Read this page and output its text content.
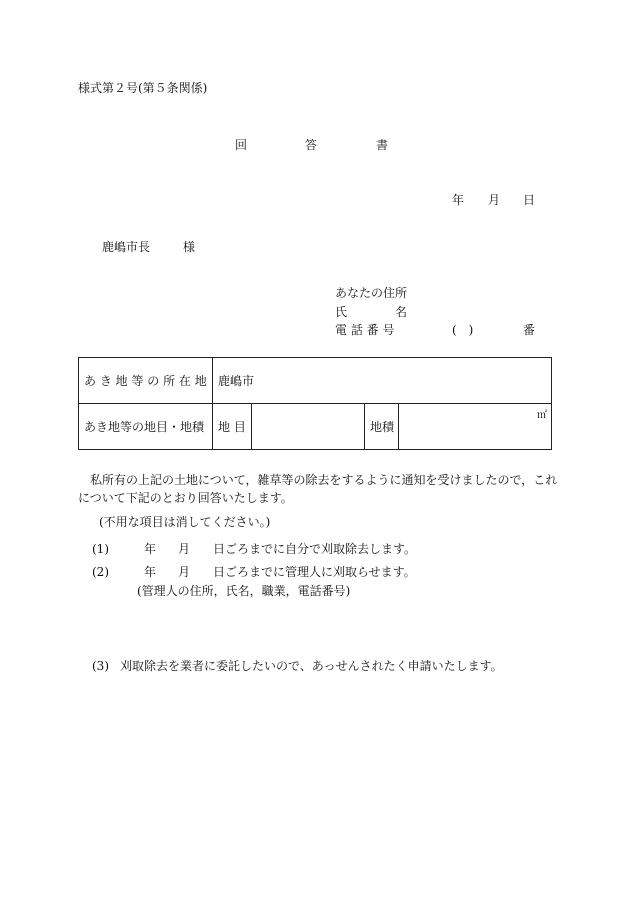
様式第２号(第５条関係)
回	答	書
年 月 日
鹿嶋市長	様
あなたの住所
氏	名
電 話 番 号	(　)	番
あ き 地 等 の 所 在 地	鹿嶋市			
あき地等の地目・地積	地 目		地積	㎡
私所有の上記の土地について，雑草等の除去をするように通知を受けましたので，これ
について下記のとおり回答いたします。
(不用な項目は消してください。)
(1)	年 月 日ごろまでに自分で刈取除去します。
(2)	年 月 日ごろまでに管理人に刈取らせます。
(管理人の住所，氏名，職業，電話番号)
(3) 刈取除去を業者に委託したいので、あっせんされたく申請いたします。
